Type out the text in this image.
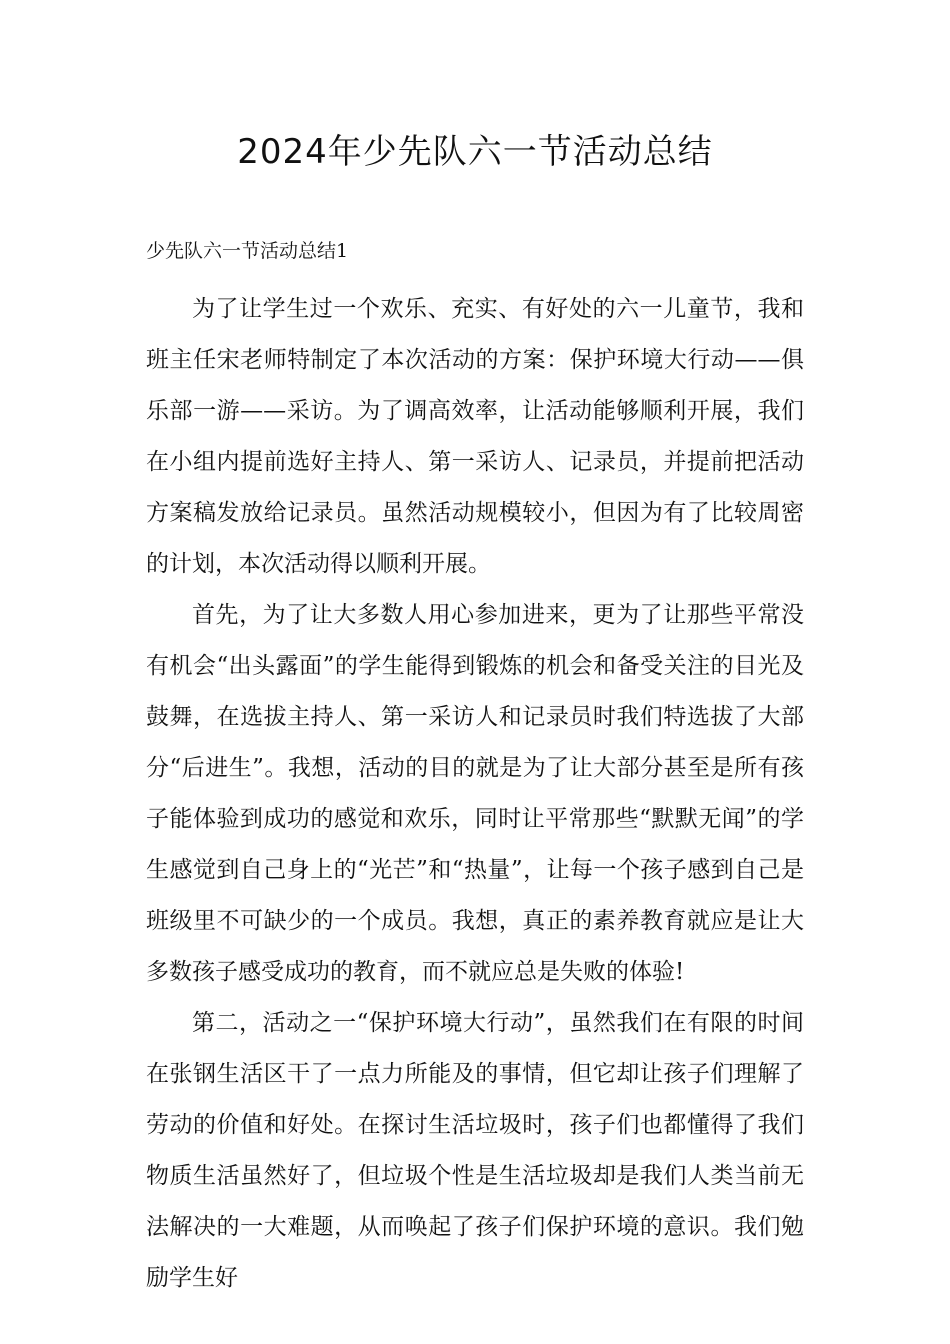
2024年少先队六一节活动总结
少先队六一节活动总结1

为了让学生过一个欢乐、充实、有好处的六一儿童节，我和班主任宋老师特制定了本次活动的方案：保护环境大行动——俱乐部一游——采访。为了调高效率，让活动能够顺利开展，我们在小组内提前选好主持人、第一采访人、记录员，并提前把活动方案稿发放给记录员。虽然活动规模较小，但因为有了比较周密的计划，本次活动得以顺利开展。

首先，为了让大多数人用心参加进来，更为了让那些平常没有机会“出头露面”的学生能得到锻炼的机会和备受关注的目光及鼓舞，在选拔主持人、第一采访人和记录员时我们特选拔了大部分“后进生”。我想，活动的目的就是为了让大部分甚至是所有孩子能体验到成功的感觉和欢乐，同时让平常那些“默默无闻”的学生感觉到自己身上的“光芒”和“热量”，让每一个孩子感到自己是班级里不可缺少的一个成员。我想，真正的素养教育就应是让大多数孩子感受成功的教育，而不就应总是失败的体验!

第二，活动之一“保护环境大行动”，虽然我们在有限的时间在张钢生活区干了一点力所能及的事情，但它却让孩子们理解了劳动的价值和好处。在探讨生活垃圾时，孩子们也都懂得了我们物质生活虽然好了，但垃圾个性是生活垃圾却是我们人类当前无法解决的一大难题，从而唤起了孩子们保护环境的意识。我们勉励学生好
